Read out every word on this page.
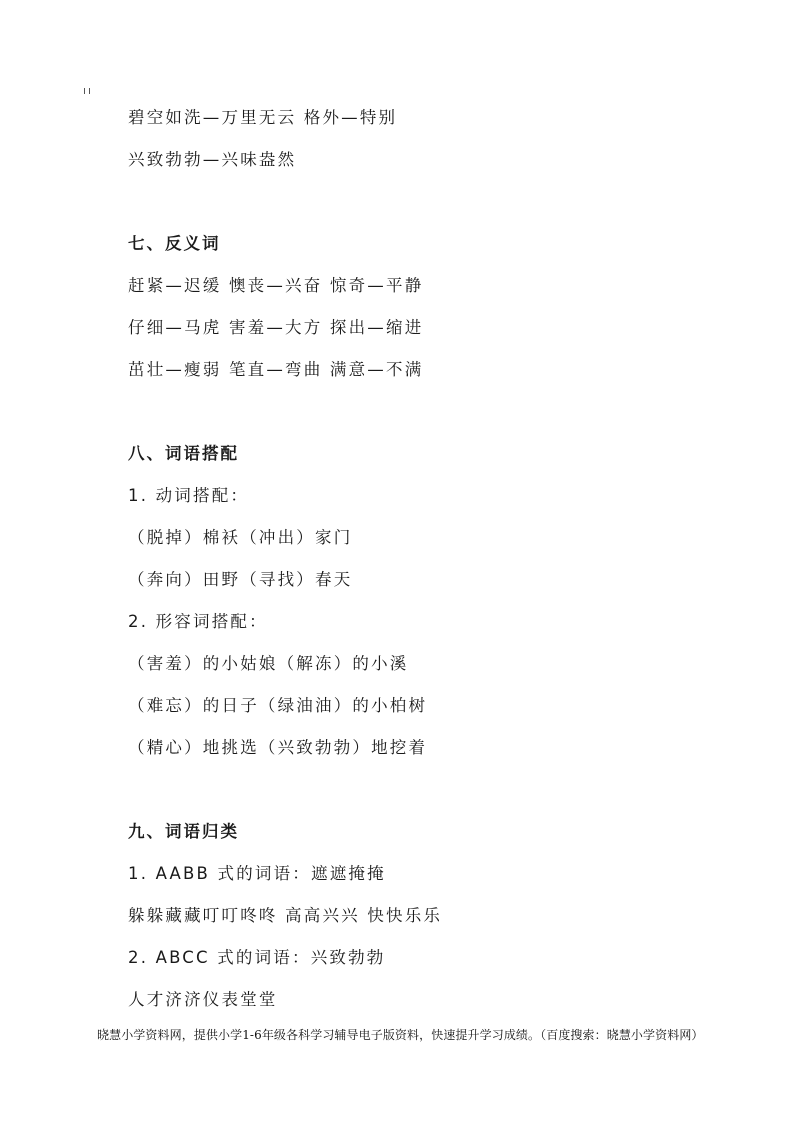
碧空如洗—万里无云 格外—特别
兴致勃勃—兴味盎然
七、反义词
赶紧—迟缓 懊丧—兴奋 惊奇—平静
仔细—马虎 害羞—大方 探出—缩进
茁壮—瘦弱 笔直—弯曲 满意—不满
八、词语搭配
1. 动词搭配：
（脱掉）棉袄（冲出）家门
（奔向）田野（寻找）春天
2. 形容词搭配：
（害羞）的小姑娘（解冻）的小溪
（难忘）的日子（绿油油）的小柏树
（精心）地挑选（兴致勃勃）地挖着
九、词语归类
1. AABB 式的词语：遮遮掩掩
躲躲藏藏叮叮咚咚 高高兴兴 快快乐乐
2. ABCC 式的词语：兴致勃勃
人才济济仪表堂堂
晓慧小学资料网，提供小学1-6年级各科学习辅导电子版资料，快速提升学习成绩。（百度搜索：晓慧小学资料网）
